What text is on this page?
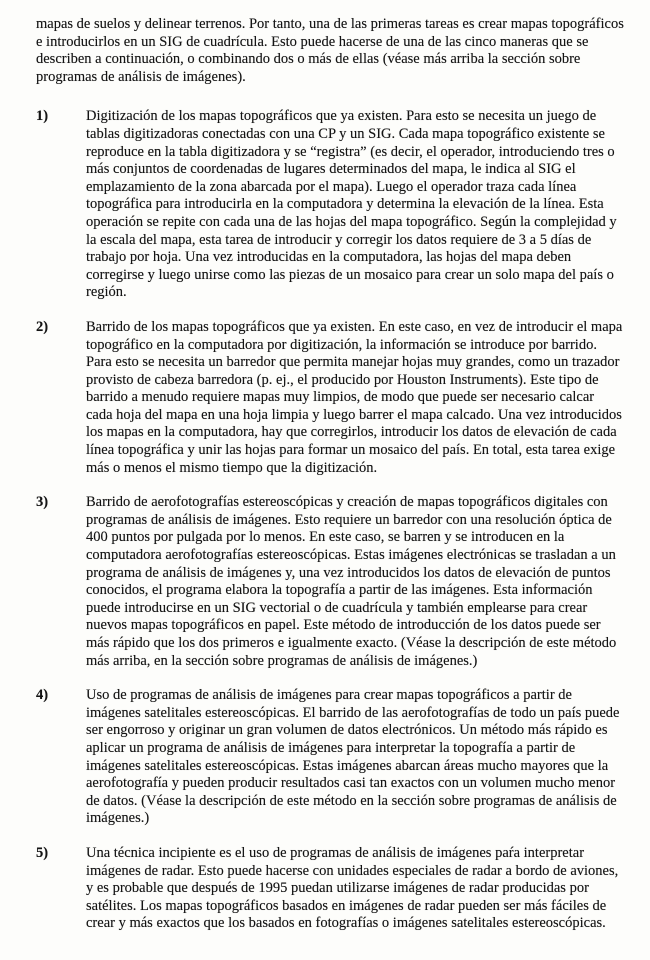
mapas de suelos y delinear terrenos. Por tanto, una de las primeras tareas es crear mapas topográficos e introducirlos en un SIG de cuadrícula. Esto puede hacerse de una de las cinco maneras que se describen a continuación, o combinando dos o más de ellas (véase más arriba la sección sobre programas de análisis de imágenes).

1)	Digitización de los mapas topográficos que ya existen. Para esto se necesita un juego de tablas digitizadoras conectadas con una CP y un SIG. Cada mapa topográfico existente se reproduce en la tabla digitizadora y se “registra” (es decir, el operador, introduciendo tres o más conjuntos de coordenadas de lugares determinados del mapa, le indica al SIG el emplazamiento de la zona abarcada por el mapa). Luego el operador traza cada línea topográfica para introducirla en la computadora y determina la elevación de la línea. Esta operación se repite con cada una de las hojas del mapa topográfico. Según la complejidad y la escala del mapa, esta tarea de introducir y corregir los datos requiere de 3 a 5 días de trabajo por hoja. Una vez introducidas en la computadora, las hojas del mapa deben corregirse y luego unirse como las piezas de un mosaico para crear un solo mapa del país o región.
2)	Barrido de los mapas topográficos que ya existen. En este caso, en vez de introducir el mapa topográfico en la computadora por digitización, la información se introduce por barrido. Para esto se necesita un barredor que permita manejar hojas muy grandes, como un trazador provisto de cabeza barredora (p. ej., el producido por Houston Instruments). Este tipo de barrido a menudo requiere mapas muy limpios, de modo que puede ser necesario calcar cada hoja del mapa en una hoja limpia y luego barrer el mapa calcado. Una vez introducidos los mapas en la computadora, hay que corregirlos, introducir los datos de elevación de cada línea topográfica y unir las hojas para formar un mosaico del país. En total, esta tarea exige más o menos el mismo tiempo que la digitización.
3)	Barrido de aerofotografías estereoscópicas y creación de mapas topográficos digitales con programas de análisis de imágenes. Esto requiere un barredor con una resolución óptica de 400 puntos por pulgada por lo menos. En este caso, se barren y se introducen en la computadora aerofotografías estereoscópicas. Estas imágenes electrónicas se trasladan a un programa de análisis de imágenes y, una vez introducidos los datos de elevación de puntos conocidos, el programa elabora la topografía a partir de las imágenes. Esta información puede introducirse en un SIG vectorial o de cuadrícula y también emplearse para crear nuevos mapas topográficos en papel. Este método de introducción de los datos puede ser más rápido que los dos primeros e igualmente exacto. (Véase la descripción de este método más arriba, en la sección sobre programas de análisis de imágenes.)
4)	Uso de programas de análisis de imágenes para crear mapas topográficos a partir de imágenes satelitales estereoscópicas. El barrido de las aerofotografías de todo un país puede ser engorroso y originar un gran volumen de datos electrónicos. Un método más rápido es aplicar un programa de análisis de imágenes para interpretar la topografía a partir de imágenes satelitales estereoscópicas. Estas imágenes abarcan áreas mucho mayores que la aerofotografía y pueden producir resultados casi tan exactos con un volumen mucho menor de datos. (Véase la descripción de este método en la sección sobre programas de análisis de imágenes.)
5)	Una técnica incipiente es el uso de programas de análisis de imágenes paŕa interpretar imágenes de radar. Esto puede hacerse con unidades especiales de radar a bordo de aviones, y es probable que después de 1995 puedan utilizarse imágenes de radar producidas por satélites. Los mapas topográficos basados en imágenes de radar pueden ser más fáciles de crear y más exactos que los basados en fotografías o imágenes satelitales estereoscópicas.
